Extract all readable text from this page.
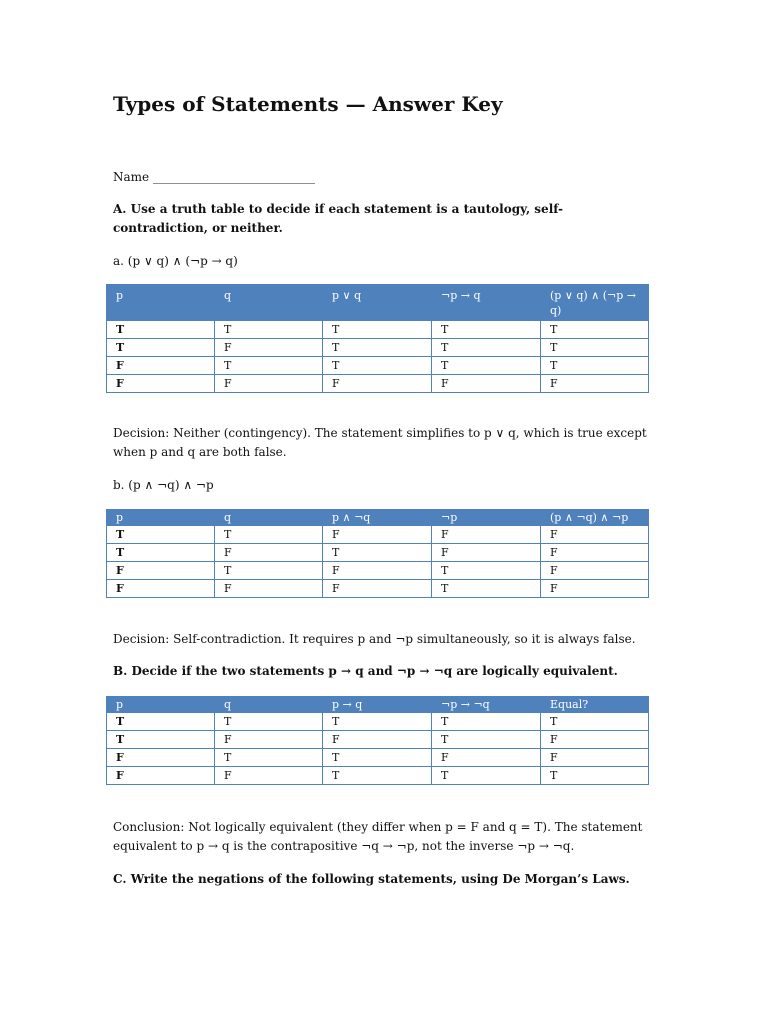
Types of Statements — Answer Key
Name ___________________________
A. Use a truth table to decide if each statement is a tautology, self-contradiction, or neither.
a. (p ∨ q) ∧ (¬p → q)
p	q	p ∨ q	¬p → q	(p ∨ q) ∧ (¬p → q)
T	T	T	T	T
T	F	T	T	T
F	T	T	T	T
F	F	F	F	F
Decision: Neither (contingency). The statement simplifies to p ∨ q, which is true except when p and q are both false.
b. (p ∧ ¬q) ∧ ¬p
p	q	p ∧ ¬q	¬p	(p ∧ ¬q) ∧ ¬p
T	T	F	F	F
T	F	T	F	F
F	T	F	T	F
F	F	F	T	F
Decision: Self-contradiction. It requires p and ¬p simultaneously, so it is always false.
B. Decide if the two statements p → q and ¬p → ¬q are logically equivalent.
p	q	p → q	¬p → ¬q	Equal?
T	T	T	T	T
T	F	F	T	F
F	T	T	F	F
F	F	T	T	T
Conclusion: Not logically equivalent (they differ when p = F and q = T). The statement equivalent to p → q is the contrapositive ¬q → ¬p, not the inverse ¬p → ¬q.
C. Write the negations of the following statements, using De Morgan’s Laws.
